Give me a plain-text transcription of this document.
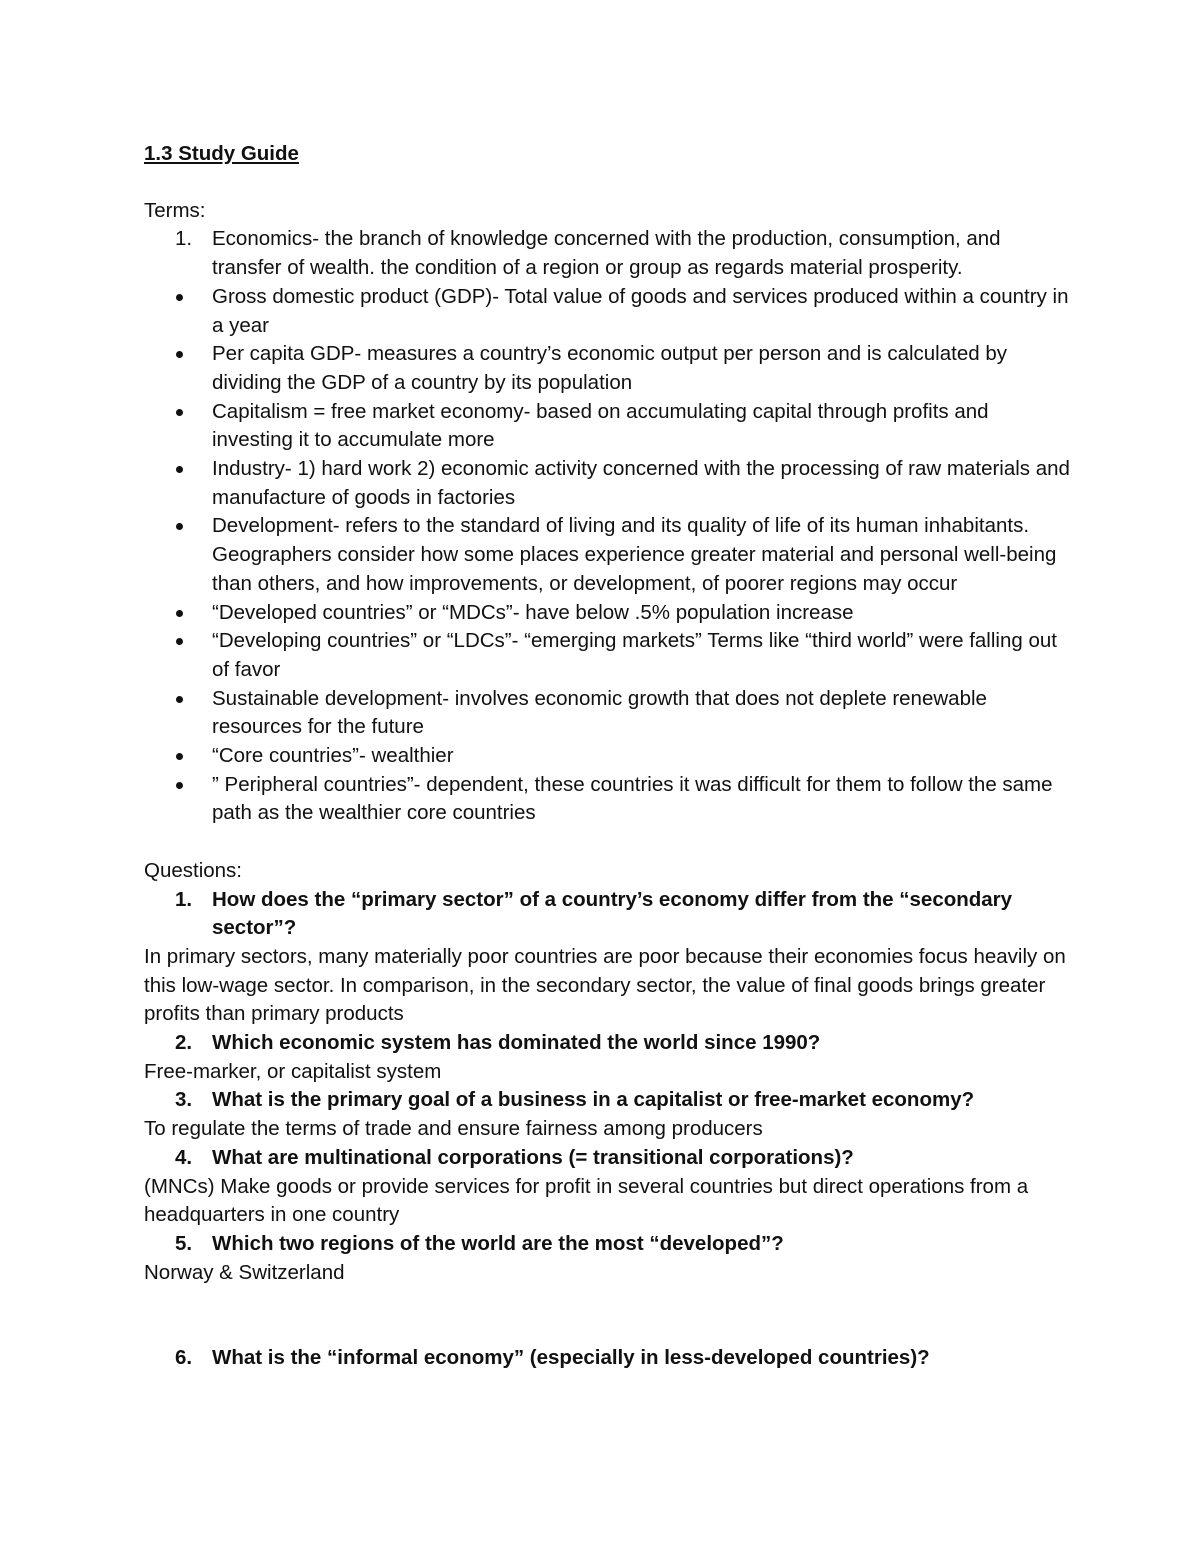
1.3 Study Guide
Terms:
1. Economics- the branch of knowledge concerned with the production, consumption, and transfer of wealth. the condition of a region or group as regards material prosperity.
Gross domestic product (GDP)- Total value of goods and services produced within a country in a year
Per capita GDP- measures a country’s economic output per person and is calculated by dividing the GDP of a country by its population
Capitalism = free market economy- based on accumulating capital through profits and investing it to accumulate more
Industry- 1) hard work 2) economic activity concerned with the processing of raw materials and manufacture of goods in factories
Development- refers to the standard of living and its quality of life of its human inhabitants. Geographers consider how some places experience greater material and personal well-being than others, and how improvements, or development, of poorer regions may occur
“Developed countries” or “MDCs”- have below .5% population increase
“Developing countries” or “LDCs”- “emerging markets” Terms like “third world” were falling out of favor
Sustainable development- involves economic growth that does not deplete renewable resources for the future
“Core countries”- wealthier
” Peripheral countries”- dependent, these countries it was difficult for them to follow the same path as the wealthier core countries
Questions:
1. How does the “primary sector” of a country’s economy differ from the “secondary sector”?
In primary sectors, many materially poor countries are poor because their economies focus heavily on this low-wage sector. In comparison, in the secondary sector, the value of final goods brings greater profits than primary products
2. Which economic system has dominated the world since 1990?
Free-marker, or capitalist system
3. What is the primary goal of a business in a capitalist or free-market economy?
To regulate the terms of trade and ensure fairness among producers
4. What are multinational corporations (= transitional corporations)?
(MNCs) Make goods or provide services for profit in several countries but direct operations from a headquarters in one country
5. Which two regions of the world are the most “developed”?
Norway & Switzerland
6. What is the “informal economy” (especially in less-developed countries)?
